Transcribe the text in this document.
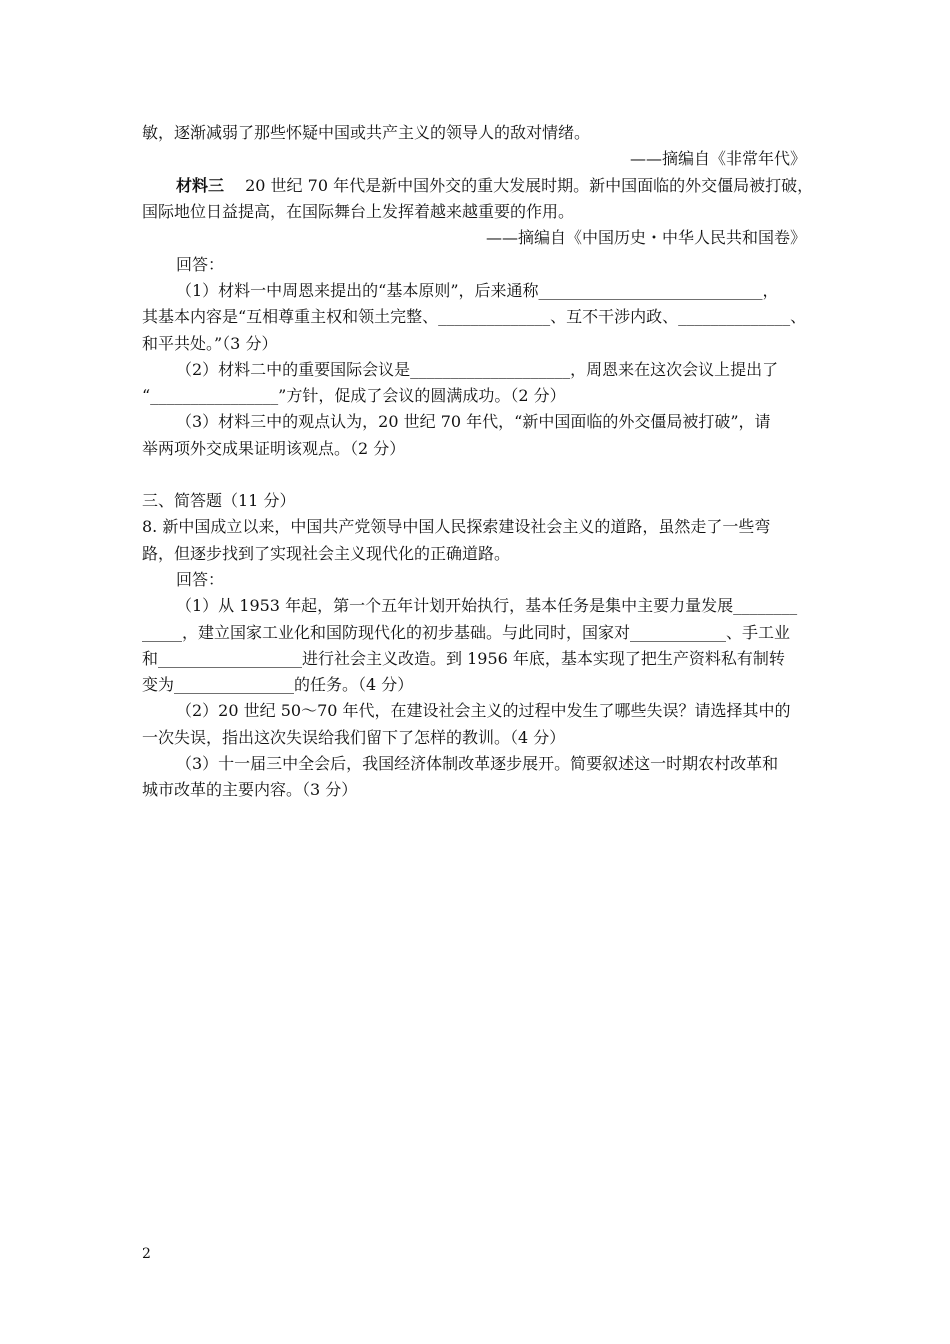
敏，逐渐减弱了那些怀疑中国或共产主义的领导人的敌对情绪。
——摘编自《非常年代》
材料三 20 世纪 70 年代是新中国外交的重大发展时期。新中国面临的外交僵局被打破，
国际地位日益提高，在国际舞台上发挥着越来越重要的作用。
——摘编自《中国历史・中华人民共和国卷》
回答：
（1）材料一中周恩来提出的“基本原则”，后来通称____________________________，
其基本内容是“互相尊重主权和领土完整、______________、互不干涉内政、______________、
和平共处。”（3 分）
（2）材料二中的重要国际会议是____________________，周恩来在这次会议上提出了
“________________”方针，促成了会议的圆满成功。（2 分）
（3）材料三中的观点认为，20 世纪 70 年代，“新中国面临的外交僵局被打破”，请
举两项外交成果证明该观点。（2 分）
三、简答题（11 分）
8. 新中国成立以来，中国共产党领导中国人民探索建设社会主义的道路，虽然走了一些弯
路，但逐步找到了实现社会主义现代化的正确道路。
回答：
（1）从 1953 年起，第一个五年计划开始执行，基本任务是集中主要力量发展________
_____，建立国家工业化和国防现代化的初步基础。与此同时，国家对____________、手工业
和__________________进行社会主义改造。到 1956 年底，基本实现了把生产资料私有制转
变为_______________的任务。（4 分）
（2）20 世纪 50～70 年代，在建设社会主义的过程中发生了哪些失误？请选择其中的
一次失误，指出这次失误给我们留下了怎样的教训。（4 分）
（3）十一届三中全会后，我国经济体制改革逐步展开。简要叙述这一时期农村改革和
城市改革的主要内容。（3 分）
2
